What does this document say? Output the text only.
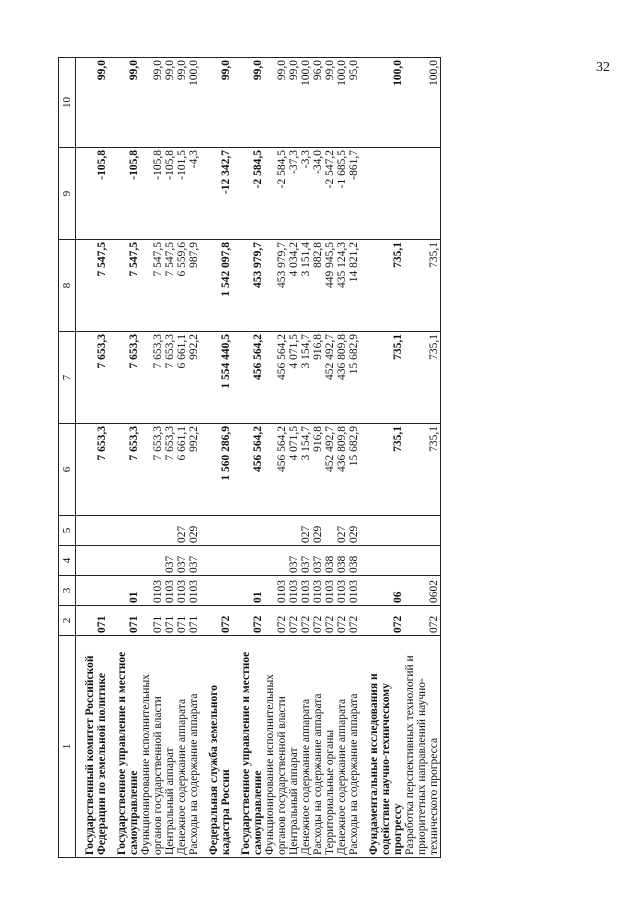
32
1	2	3	4	5	6	7	8	9	10
Государственный комитет Российской Федерации по земельной политике	071				7 653,3	7 653,3	7 547,5	-105,8	99,0
Государственное управление и местное самоуправление	071	01			7 653,3	7 653,3	7 547,5	-105,8	99,0
Функционирование исполнительных органов государственной власти	071	0103			7 653,3	7 653,3	7 547,5	-105,8	99,0
Центральный аппарат	071	0103	037		7 653,3	7 653,3	7 547,5	-105,8	99,0
Денежное содержание аппарата	071	0103	037	027	6 661,1	6 661,1	6 559,6	-101,5	99,0
Расходы на содержание аппарата	071	0103	037	029	992,2	992,2	987,9	-4,3	100,0
Федеральная служба земельного кадастра России	072				1 560 286,9	1 554 440,5	1 542 097,8	-12 342,7	99,0
Государственное управление и местное самоуправление	072	01			456 564,2	456 564,2	453 979,7	-2 584,5	99,0
Функционирование исполнительных органов государственной власти	072	0103			456 564,2	456 564,2	453 979,7	-2 584,5	99,0
Центральный аппарат	072	0103	037		4 071,5	4 071,5	4 034,2	-37,3	99,0
Денежное содержание аппарата	072	0103	037	027	3 154,7	3 154,7	3 151,4	-3,3	100,0
Расходы на содержание аппарата	072	0103	037	029	916,8	916,8	882,8	-34,0	96,0
Территориальные органы	072	0103	038		452 492,7	452 492,7	449 945,5	-2 547,2	99,0
Денежное содержание аппарата	072	0103	038	027	436 809,8	436 809,8	435 124,3	-1 685,5	100,0
Расходы на содержание аппарата	072	0103	038	029	15 682,9	15 682,9	14 821,2	-861,7	95,0
Фундаментальные исследования и содействие научно-техническому прогрессу	072	06			735,1	735,1	735,1		100,0
Разработка перспективных технологий и приоритетных направлений научно-технического прогресса	072	0602			735,1	735,1	735,1		100,0
